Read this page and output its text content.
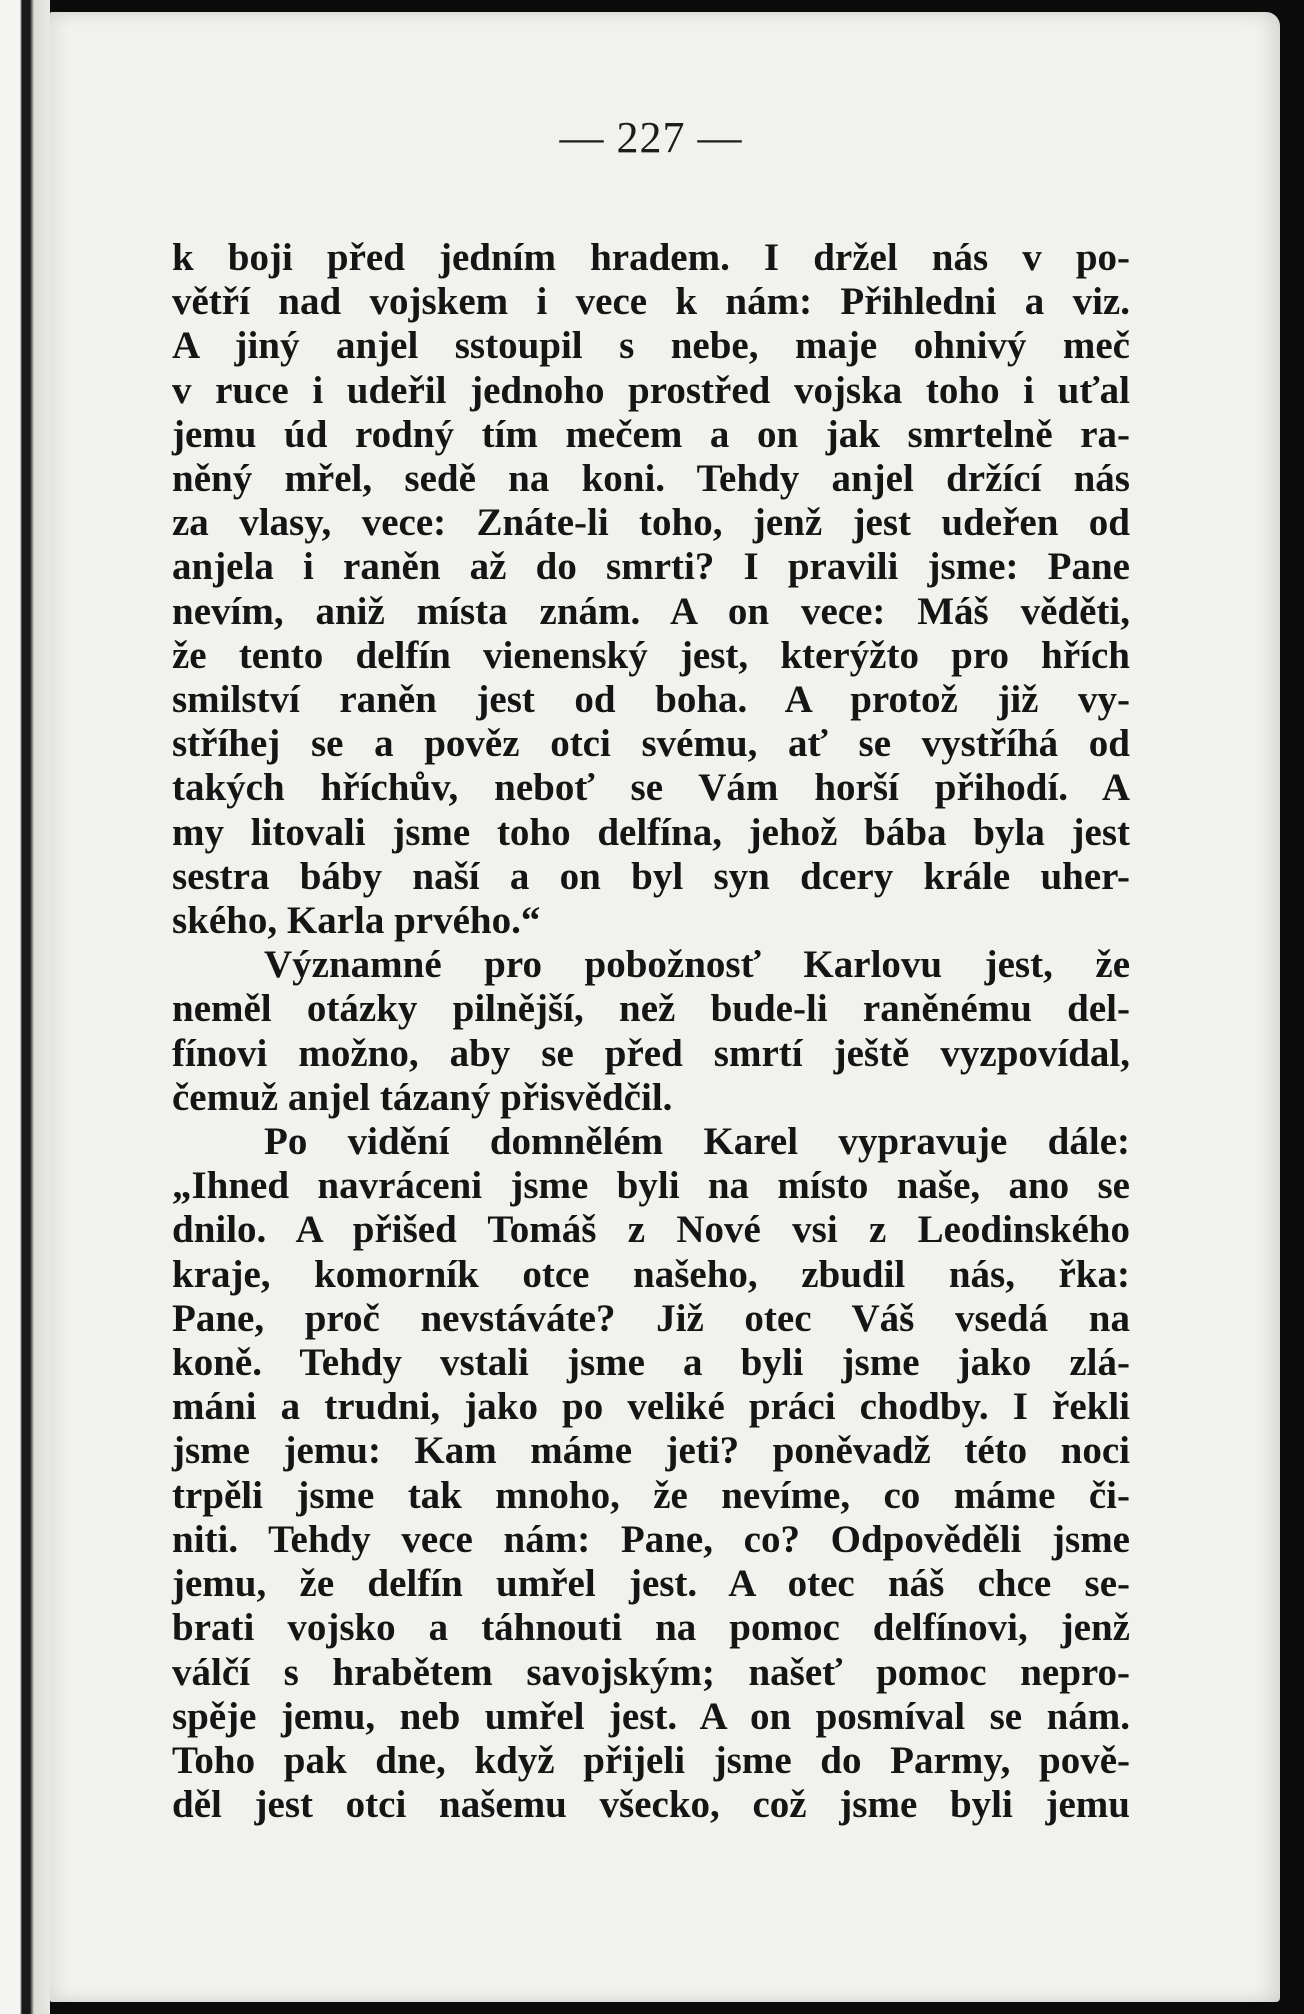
— 227 —
k boji před jedním hradem. I držel nás v po-
větří nad vojskem i vece k nám: Přihledni a viz.
A jiný anjel sstoupil s nebe, maje ohnivý meč
v ruce i udeřil jednoho prostřed vojska toho i uťal
jemu úd rodný tím mečem a on jak smrtelně ra-
něný mřel, sedě na koni. Tehdy anjel držící nás
za vlasy, vece: Znáte-li toho, jenž jest udeřen od
anjela i raněn až do smrti? I pravili jsme: Pane
nevím, aniž místa znám. A on vece: Máš věděti,
že tento delfín vienenský jest, kterýžto pro hřích
smilství raněn jest od boha. A protož již vy-
stříhej se a pověz otci svému, ať se vystříhá od
takých hříchův, neboť se Vám horší přihodí. A
my litovali jsme toho delfína, jehož bába byla jest
sestra báby naší a on byl syn dcery krále uher-
ského, Karla prvého.“
Významné pro pobožnosť Karlovu jest, že
neměl otázky pilnější, než bude-li raněnému del-
fínovi možno, aby se před smrtí ještě vyzpovídal,
čemuž anjel tázaný přisvědčil.
Po vidění domnělém Karel vypravuje dále:
„Ihned navráceni jsme byli na místo naše, ano se
dnilo. A přišed Tomáš z Nové vsi z Leodinského
kraje, komorník otce našeho, zbudil nás, řka:
Pane, proč nevstáváte? Již otec Váš vsedá na
koně. Tehdy vstali jsme a byli jsme jako zlá-
máni a trudni, jako po veliké práci chodby. I řekli
jsme jemu: Kam máme jeti? poněvadž této noci
trpěli jsme tak mnoho, že nevíme, co máme či-
niti. Tehdy vece nám: Pane, co? Odpověděli jsme
jemu, že delfín umřel jest. A otec náš chce se-
brati vojsko a táhnouti na pomoc delfínovi, jenž
válčí s hrabětem savojským; našeť pomoc nepro-
spěje jemu, neb umřel jest. A on posmíval se nám.
Toho pak dne, když přijeli jsme do Parmy, pově-
děl jest otci našemu všecko, což jsme byli jemu
